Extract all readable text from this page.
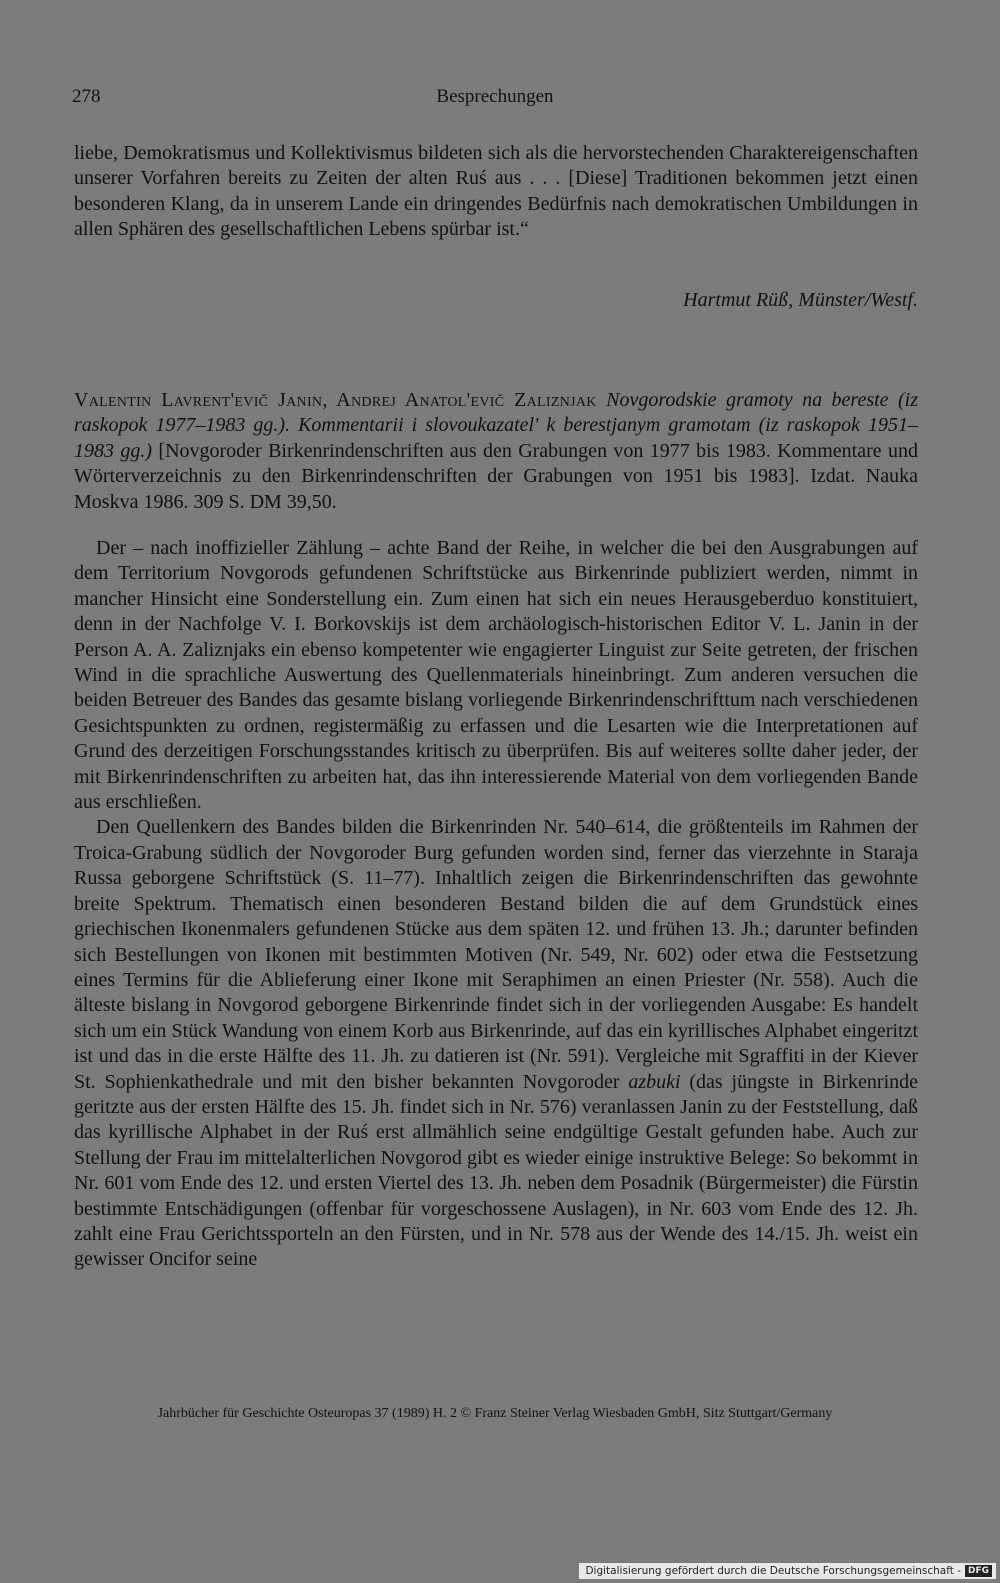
278	Besprechungen
liebe, Demokratismus und Kollektivismus bildeten sich als die hervorstechenden Charaktereigenschaften unserer Vorfahren bereits zu Zeiten der alten Ruś aus . . . [Diese] Traditionen bekommen jetzt einen besonderen Klang, da in unserem Lande ein dringendes Bedürfnis nach demokratischen Umbildungen in allen Sphären des gesellschaftlichen Lebens spürbar ist.“
Hartmut Rüß, Münster/Westf.
Valentin Lavrent'evič Janin, Andrej Anatol'evič Zaliznjak Novgorodskie gramoty na bereste (iz raskopok 1977–1983 gg.). Kommentarii i slovoukazatel' k berestjanym gramotam (iz raskopok 1951–1983 gg.) [Novgoroder Birkenrindenschriften aus den Grabungen von 1977 bis 1983. Kommentare und Wörterverzeichnis zu den Birkenrindenschriften der Grabungen von 1951 bis 1983]. Izdat. Nauka Moskva 1986. 309 S. DM 39,50.

Der – nach inoffizieller Zählung – achte Band der Reihe, in welcher die bei den Ausgrabungen auf dem Territorium Novgorods gefundenen Schriftstücke aus Birkenrinde publiziert werden, nimmt in mancher Hinsicht eine Sonderstellung ein. Zum einen hat sich ein neues Herausgeberduo konstituiert, denn in der Nachfolge V. I. Borkovskijs ist dem archäologisch-historischen Editor V. L. Janin in der Person A. A. Zaliznjaks ein ebenso kompetenter wie engagierter Linguist zur Seite getreten, der frischen Wind in die sprachliche Auswertung des Quellenmaterials hineinbringt. Zum anderen versuchen die beiden Betreuer des Bandes das gesamte bislang vorliegende Birkenrindenschrifttum nach verschiedenen Gesichtspunkten zu ordnen, registermäßig zu erfassen und die Lesarten wie die Interpretationen auf Grund des derzeitigen Forschungsstandes kritisch zu überprüfen. Bis auf weiteres sollte daher jeder, der mit Birkenrindenschriften zu arbeiten hat, das ihn interessierende Material von dem vorliegenden Bande aus erschließen.

Den Quellenkern des Bandes bilden die Birkenrinden Nr. 540–614, die größtenteils im Rahmen der Troica-Grabung südlich der Novgoroder Burg gefunden worden sind, ferner das vierzehnte in Staraja Russa geborgene Schriftstück (S. 11–77). Inhaltlich zeigen die Birkenrindenschriften das gewohnte breite Spektrum. Thematisch einen besonderen Bestand bilden die auf dem Grundstück eines griechischen Ikonenmalers gefundenen Stücke aus dem späten 12. und frühen 13. Jh.; darunter befinden sich Bestellungen von Ikonen mit bestimmten Motiven (Nr. 549, Nr. 602) oder etwa die Festsetzung eines Termins für die Ablieferung einer Ikone mit Seraphimen an einen Priester (Nr. 558). Auch die älteste bislang in Novgorod geborgene Birkenrinde findet sich in der vorliegenden Ausgabe: Es handelt sich um ein Stück Wandung von einem Korb aus Birkenrinde, auf das ein kyrillisches Alphabet eingeritzt ist und das in die erste Hälfte des 11. Jh. zu datieren ist (Nr. 591). Vergleiche mit Sgraffiti in der Kiever St. Sophienkathedrale und mit den bisher bekannten Novgoroder azbuki (das jüngste in Birkenrinde geritzte aus der ersten Hälfte des 15. Jh. findet sich in Nr. 576) veranlassen Janin zu der Feststellung, daß das kyrillische Alphabet in der Ruś erst allmählich seine endgültige Gestalt gefunden habe. Auch zur Stellung der Frau im mittelalterlichen Novgorod gibt es wieder einige instruktive Belege: So bekommt in Nr. 601 vom Ende des 12. und ersten Viertel des 13. Jh. neben dem Posadnik (Bürgermeister) die Fürstin bestimmte Entschädigungen (offenbar für vorgeschossene Auslagen), in Nr. 603 vom Ende des 12. Jh. zahlt eine Frau Gerichtssporteln an den Fürsten, und in Nr. 578 aus der Wende des 14./15. Jh. weist ein gewisser Oncifor seine

Jahrbücher für Geschichte Osteuropas 37 (1989) H. 2 © Franz Steiner Verlag Wiesbaden GmbH, Sitz Stuttgart/Germany
Digitalisierung gefördert durch die Deutsche Forschungsgemeinschaft - DFG
